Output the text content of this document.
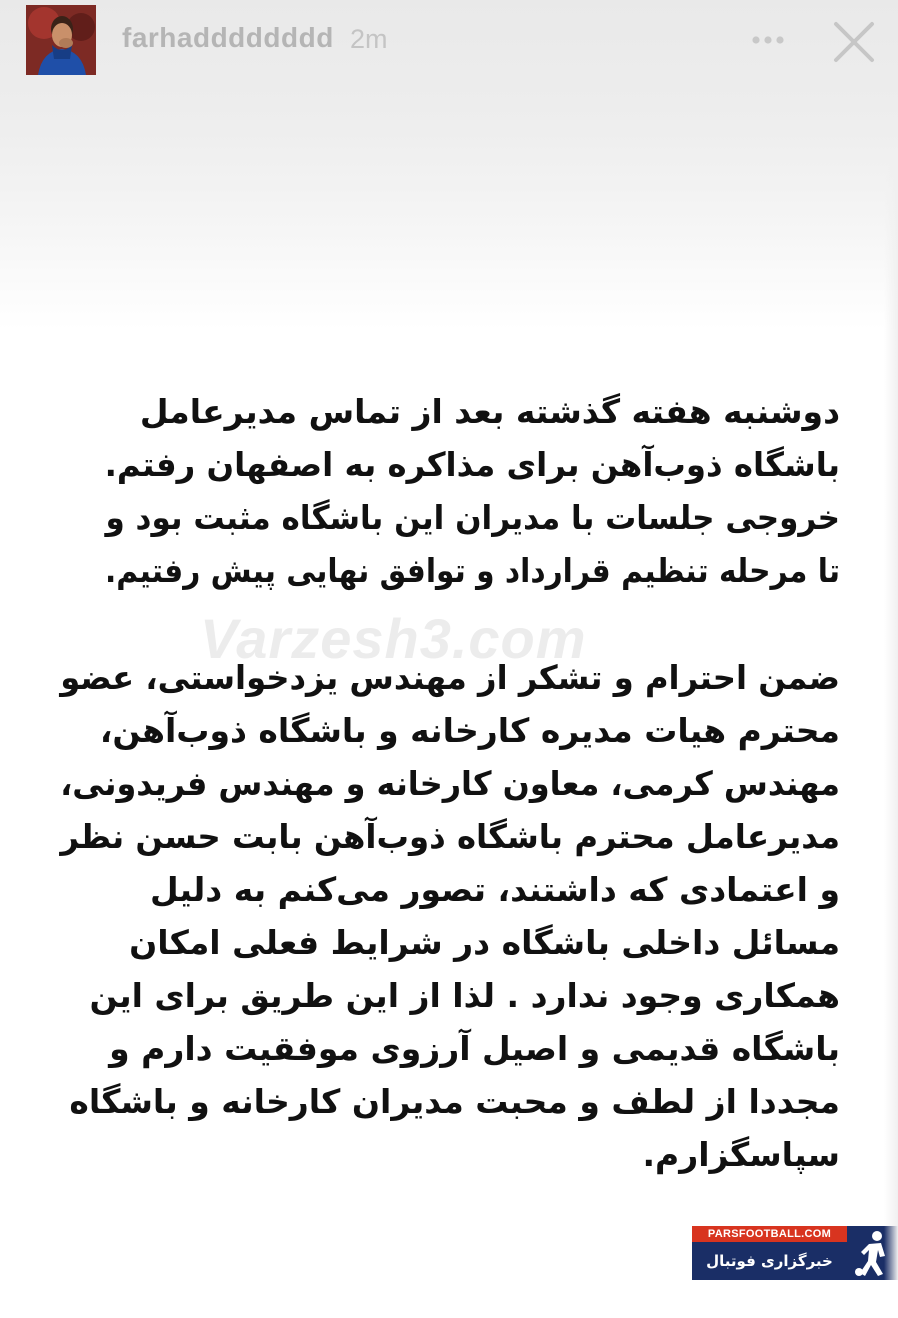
farhadddddddd 2m
Varzesh3.com
دوشنبه هفته گذشته بعد از تماس مدیرعامل
باشگاه ذوب‌آهن برای مذاکره به اصفهان رفتم.
خروجی جلسات با مدیران این باشگاه مثبت بود و
تا مرحله تنظیم قرارداد و توافق نهایی پیش رفتیم.
ضمن احترام و تشکر از مهندس یزدخواستی، عضو
محترم هیات مدیره کارخانه و باشگاه ذوب‌آهن،
مهندس کرمی، معاون کارخانه و مهندس فریدونی،
مدیرعامل محترم باشگاه ذوب‌آهن بابت حسن نظر
و اعتمادی که داشتند، تصور می‌کنم به دلیل
مسائل داخلی باشگاه در شرایط فعلی امکان
همکاری وجود ندارد . لذا از این طریق برای این
باشگاه قدیمی و اصیل آرزوی موفقیت دارم و
مجددا از لطف و محبت مدیران کارخانه و باشگاه
سپاسگزارم.
PARSFOOTBALL.COM
خبرگزاری فوتبال ایران
